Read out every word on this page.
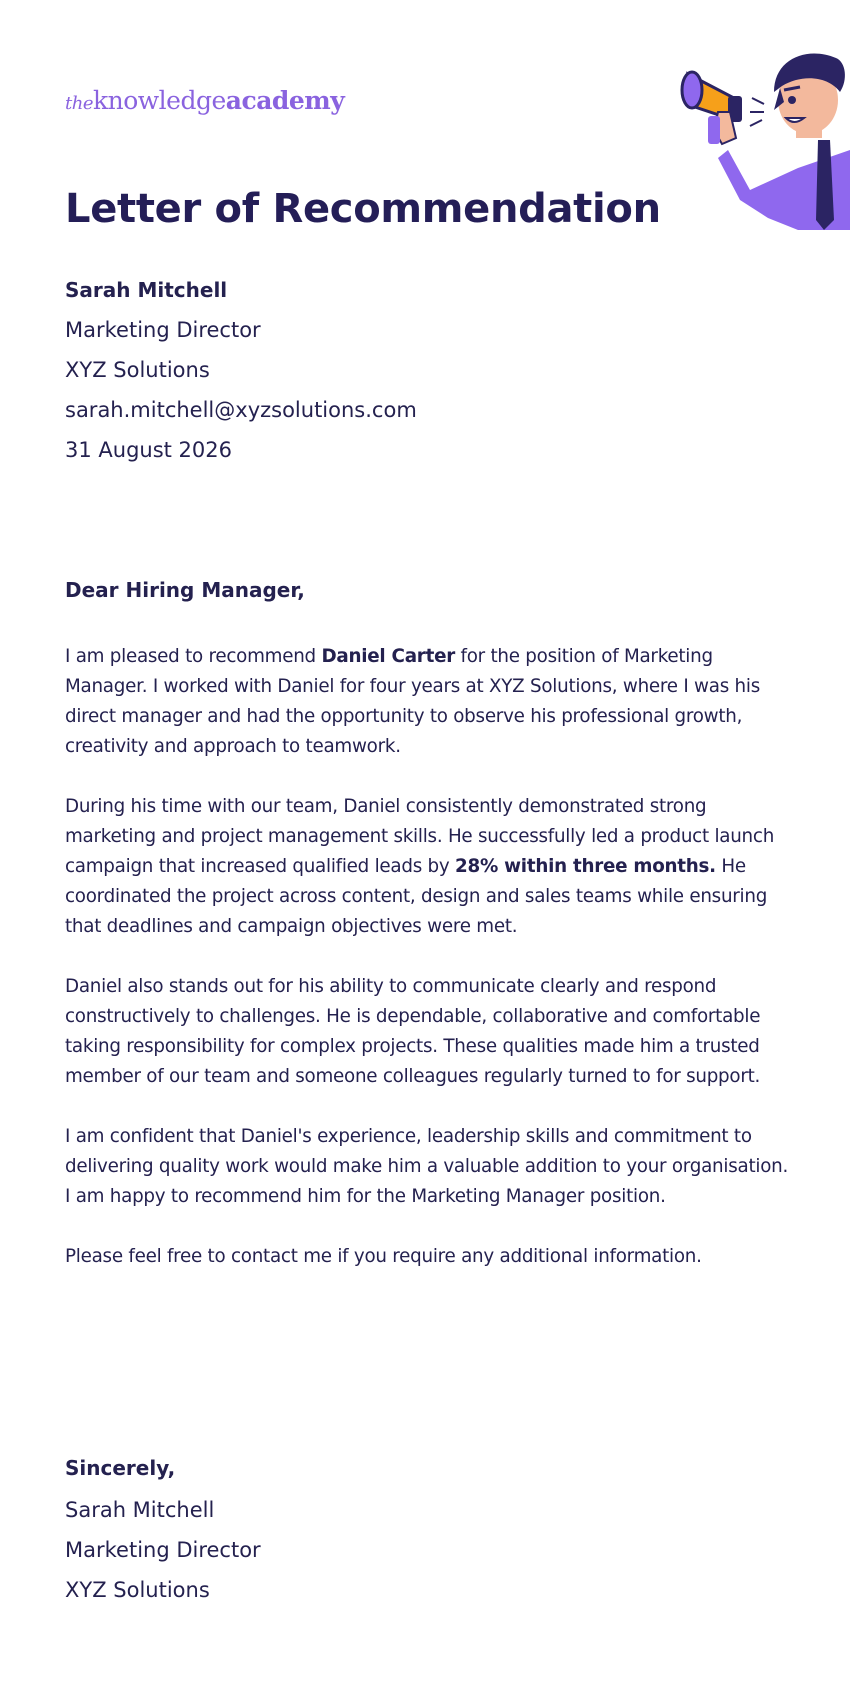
theknowledgeacademy
Letter of Recommendation
Sarah Mitchell
Marketing Director
XYZ Solutions
sarah.mitchell@xyzsolutions.com
31 August 2026
Dear Hiring Manager,

I am pleased to recommend Daniel Carter for the position of Marketing Manager. I worked with Daniel for four years at XYZ Solutions, where I was his direct manager and had the opportunity to observe his professional growth, creativity and approach to teamwork.

During his time with our team, Daniel consistently demonstrated strong marketing and project management skills. He successfully led a product launch campaign that increased qualified leads by 28% within three months. He coordinated the project across content, design and sales teams while ensuring that deadlines and campaign objectives were met.

Daniel also stands out for his ability to communicate clearly and respond constructively to challenges. He is dependable, collaborative and comfortable taking responsibility for complex projects. These qualities made him a trusted member of our team and someone colleagues regularly turned to for support.

I am confident that Daniel's experience, leadership skills and commitment to delivering quality work would make him a valuable addition to your organisation. I am happy to recommend him for the Marketing Manager position.

Please feel free to contact me if you require any additional information.

Sincerely,
Sarah Mitchell
Marketing Director
XYZ Solutions
